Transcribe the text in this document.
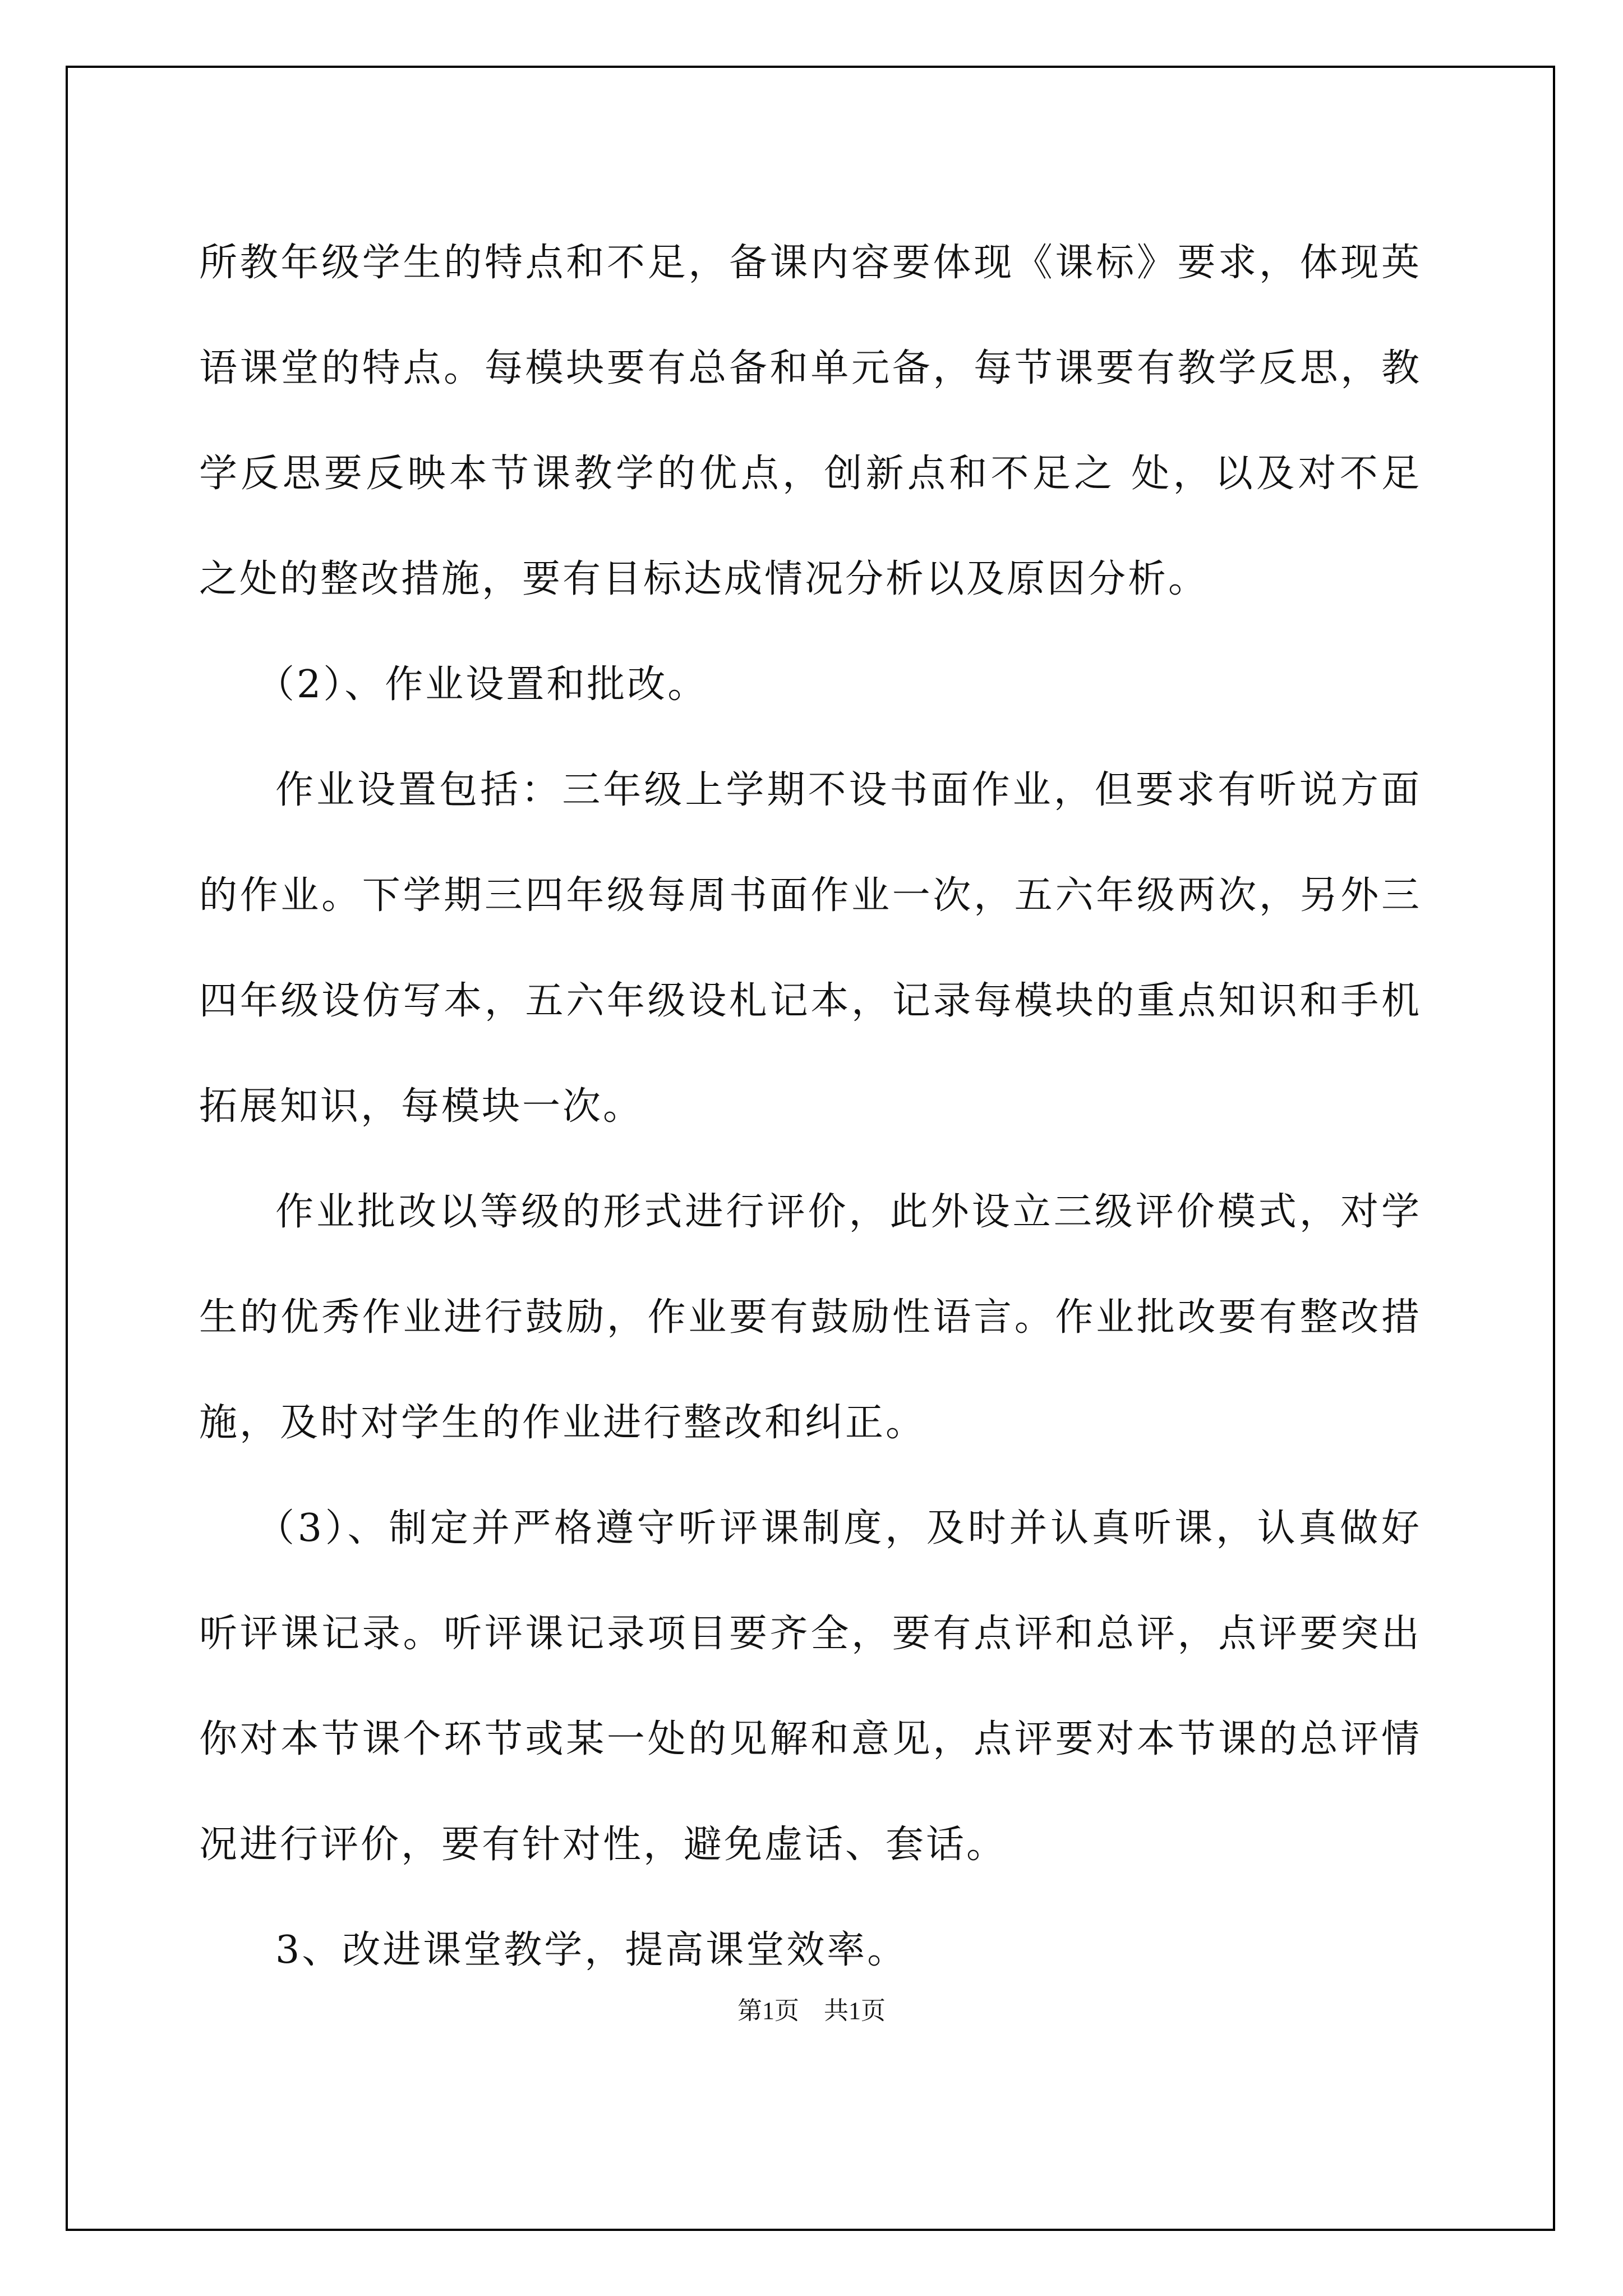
所教年级学生的特点和不足，备课内容要体现《课标》要求，体现英语课堂的特点。每模块要有总备和单元备，每节课要有教学反思，教学反思要反映本节课教学的优点，创新点和不足之 处，以及对不足之处的整改措施，要有目标达成情况分析以及原因分析。

（2）、作业设置和批改。

作业设置包括：三年级上学期不设书面作业，但要求有听说方面的作业。下学期三四年级每周书面作业一次，五六年级两次，另外三四年级设仿写本，五六年级设札记本，记录每模块的重点知识和手机拓展知识，每模块一次。

作业批改以等级的形式进行评价，此外设立三级评价模式，对学生的优秀作业进行鼓励，作业要有鼓励性语言。作业批改要有整改措施，及时对学生的作业进行整改和纠正。

（3）、制定并严格遵守听评课制度，及时并认真听课，认真做好听评课记录。听评课记录项目要齐全，要有点评和总评，点评要突出你对本节课个环节或某一处的见解和意见，点评要对本节课的总评情况进行评价，要有针对性，避免虚话、套话。

3、改进课堂教学，提高课堂效率。

第1页　共1页
